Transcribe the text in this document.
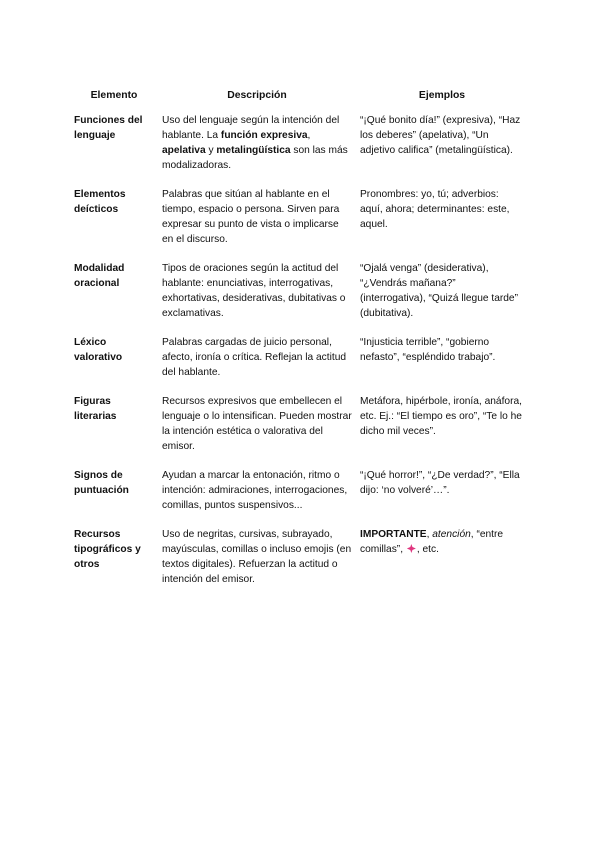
Elemento	Descripción	Ejemplos
Funciones del lenguaje	Uso del lenguaje según la intención del hablante. La función expresiva, apelativa y metalingüística son las más modalizadoras.	“¡Qué bonito día!” (expresiva), “Haz los deberes” (apelativa), “Un adjetivo califica” (metalingüística).
Elementos deícticos	Palabras que sitúan al hablante en el tiempo, espacio o persona. Sirven para expresar su punto de vista o implicarse en el discurso.	Pronombres: yo, tú; adverbios: aquí, ahora; determinantes: este, aquel.
Modalidad oracional	Tipos de oraciones según la actitud del hablante: enunciativas, interrogativas, exhortativas, desiderativas, dubitativas o exclamativas.	“Ojalá venga” (desiderativa), “¿Vendrás mañana?” (interrogativa), “Quizá llegue tarde” (dubitativa).
Léxico valorativo	Palabras cargadas de juicio personal, afecto, ironía o crítica. Reflejan la actitud del hablante.	“Injusticia terrible”, “gobierno nefasto”, “espléndido trabajo”.
Figuras literarias	Recursos expresivos que embellecen el lenguaje o lo intensifican. Pueden mostrar la intención estética o valorativa del emisor.	Metáfora, hipérbole, ironía, anáfora, etc. Ej.: “El tiempo es oro”, “Te lo he dicho mil veces”.
Signos de puntuación	Ayudan a marcar la entonación, ritmo o intención: admiraciones, interrogaciones, comillas, puntos suspensivos...	“¡Qué horror!”, “¿De verdad?”, “Ella dijo: ‘no volveré’…”.
Recursos tipográficos y otros	Uso de negritas, cursivas, subrayado, mayúsculas, comillas o incluso emojis (en textos digitales). Refuerzan la actitud o intención del emisor.	IMPORTANTE, atención, “entre comillas”, , etc.
